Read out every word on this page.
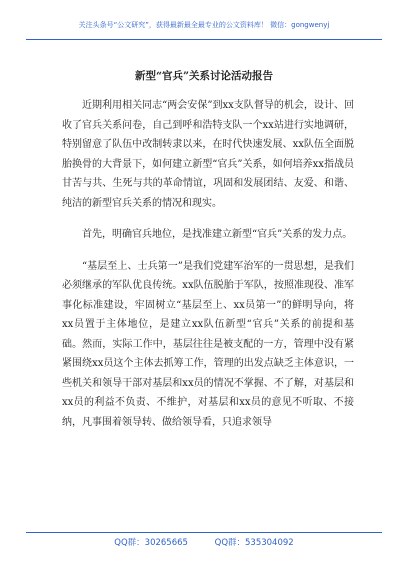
关注头条号“公文研究”，获得最新最全最专业的公文资料库！ 微信：gongwenyj
新型“官兵”关系讨论活动报告

近期利用相关同志“两会安保”到xx支队督导的机会，设计、回收了官兵关系问卷，自己到呼和浩特支队一个xx站进行实地调研，特别留意了队伍中改制转隶以来，在时代快速发展、xx队伍全面脱胎换骨的大背景下，如何建立新型“官兵”关系，如何培养xx指战员甘苦与共、生死与共的革命情谊，巩固和发展团结、友爱、和谐、纯洁的新型官兵关系的情况和现实。

首先，明确官兵地位，是找准建立新型“官兵”关系的发力点。

“基层至上、士兵第一”是我们党建军治军的一贯思想，是我们必须继承的军队优良传统。xx队伍脱胎于军队，按照准现役、准军事化标准建设，牢固树立“基层至上、xx员第一”的鲜明导向，将xx员置于主体地位，是建立xx队伍新型“官兵”关系的前提和基础。然而，实际工作中，基层往往是被支配的一方，管理中没有紧紧围绕xx员这个主体去抓筹工作，管理的出发点缺乏主体意识，一些机关和领导干部对基层和xx员的情况不掌握、不了解，对基层和xx员的利益不负责、不维护，对基层和xx员的意见不听取、不接纳，凡事围着领导转、做给领导看，只追求领导

QQ群：30265665	QQ群：535304092
